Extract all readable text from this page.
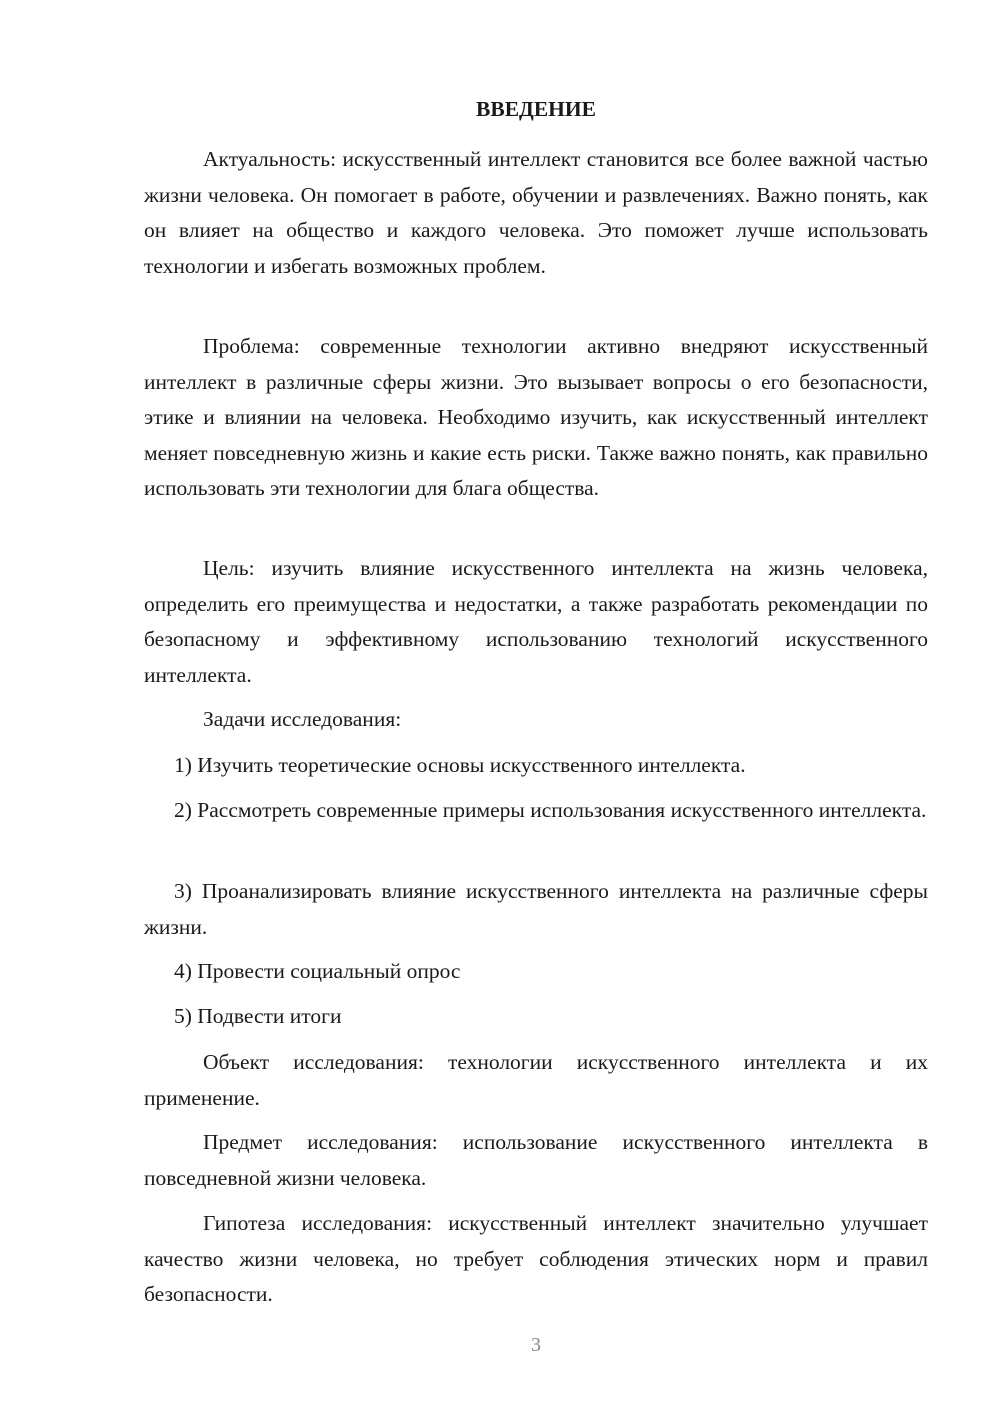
ВВЕДЕНИЕ

Актуальность: искусственный интеллект становится все более важной частью жизни человека. Он помогает в работе, обучении и развлечениях. Важно понять, как он влияет на общество и каждого человека. Это поможет лучше использовать технологии и избегать возможных проблем.

Проблема: современные технологии активно внедряют искусственный интеллект в различные сферы жизни. Это вызывает вопросы о его безопасности, этике и влиянии на человека. Необходимо изучить, как искусственный интеллект меняет повседневную жизнь и какие есть риски. Также важно понять, как правильно использовать эти технологии для блага общества.

Цель: изучить влияние искусственного интеллекта на жизнь человека, определить его преимущества и недостатки, а также разработать рекомендации по безопасному и эффективному использованию технологий искусственного интеллекта.

Задачи исследования:

1) Изучить теоретические основы искусственного интеллекта.

2) Рассмотреть современные примеры использования искусственного интеллекта.

3) Проанализировать влияние искусственного интеллекта на различные сферы жизни.

4) Провести социальный опрос

5) Подвести итоги

Объект исследования: технологии искусственного интеллекта и их применение.

Предмет исследования: использование искусственного интеллекта в повседневной жизни человека.

Гипотеза исследования: искусственный интеллект значительно улучшает качество жизни человека, но требует соблюдения этических норм и правил безопасности.

3
